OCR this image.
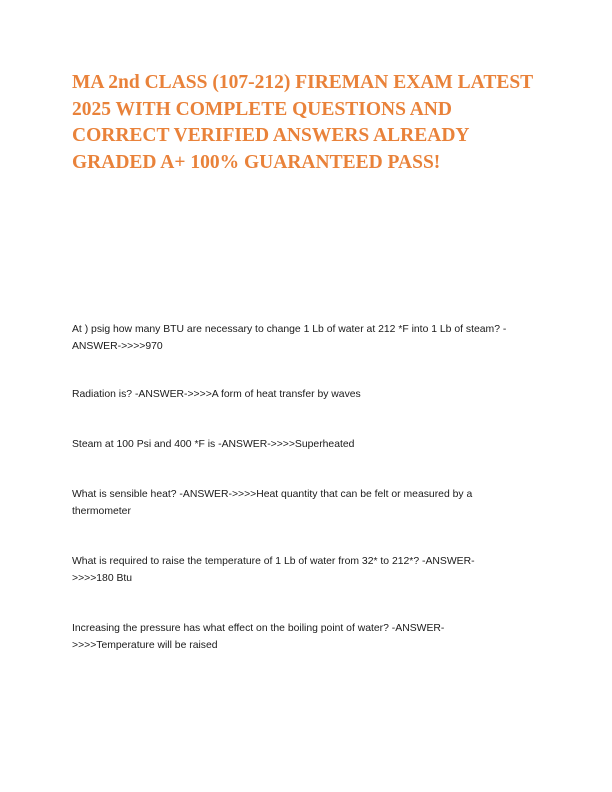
MA 2nd CLASS (107-212) FIREMAN EXAM LATEST 2025 WITH COMPLETE QUESTIONS AND CORRECT VERIFIED ANSWERS ALREADY GRADED A+ 100% GUARANTEED PASS!

At ) psig how many BTU are necessary to change 1 Lb of water at 212 *F into 1 Lb of steam? -
ANSWER->>>>970

Radiation is? -ANSWER->>>>A form of heat transfer by waves

Steam at 100 Psi and 400 *F is -ANSWER->>>>Superheated

What is sensible heat? -ANSWER->>>>Heat quantity that can be felt or measured by a
thermometer

What is required to raise the temperature of 1 Lb of water from 32* to 212*? -ANSWER-
>>>>180 Btu

Increasing the pressure has what effect on the boiling point of water? -ANSWER-
>>>>Temperature will be raised
